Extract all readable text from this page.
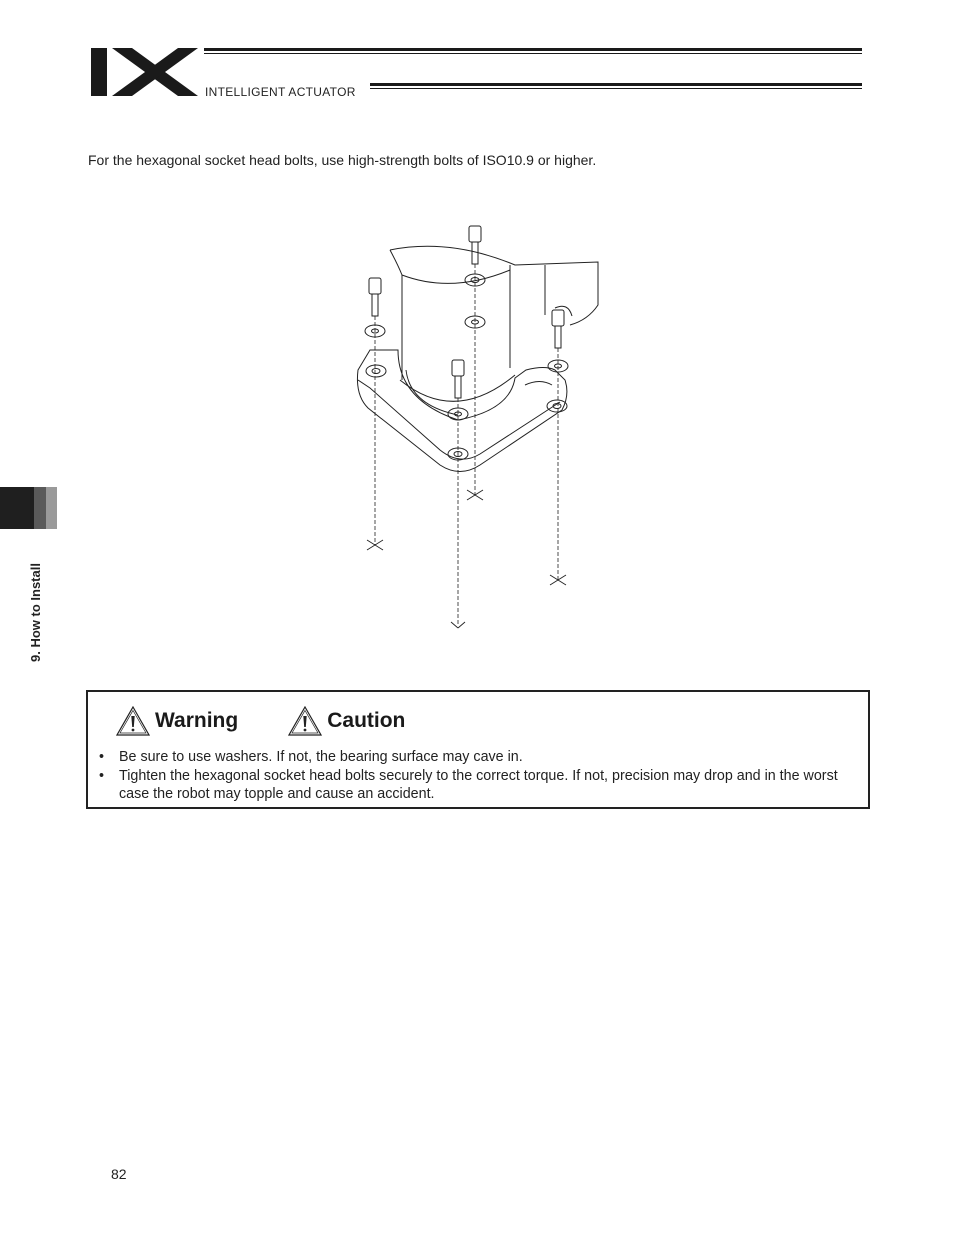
INTELLIGENT ACTUATOR
For the hexagonal socket head bolts, use high-strength bolts of ISO10.9 or higher.
9. How to Install
Warning	Caution
• Be sure to use washers. If not, the bearing surface may cave in.
• Tighten the hexagonal socket head bolts securely to the correct torque. If not, precision may drop and in the worst case the robot may topple and cause an accident.
82
